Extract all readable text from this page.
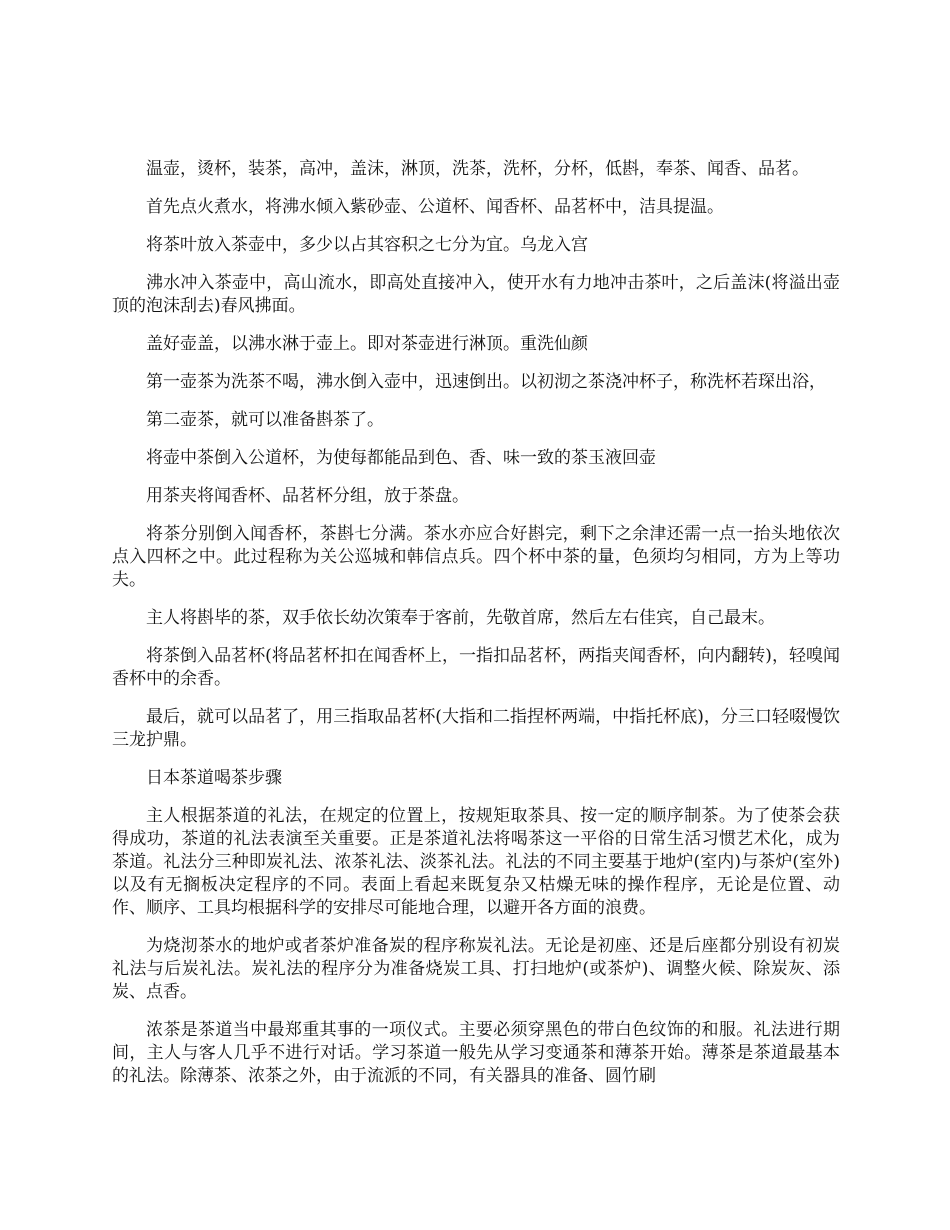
温壶，烫杯，装茶，高冲，盖沫，淋顶，洗茶，洗杯，分杯，低斟，奉茶、闻香、品茗。

首先点火煮水，将沸水倾入紫砂壶、公道杯、闻香杯、品茗杯中，洁具提温。

将茶叶放入茶壶中，多少以占其容积之七分为宜。乌龙入宫

沸水冲入茶壶中，高山流水，即高处直接冲入，使开水有力地冲击茶叶，之后盖沫(将溢出壶顶的泡沫刮去)春风拂面。

盖好壶盖，以沸水淋于壶上。即对茶壶进行淋顶。重洗仙颜

第一壶茶为洗茶不喝，沸水倒入壶中，迅速倒出。以初沏之茶浇冲杯子，称洗杯若琛出浴，

第二壶茶，就可以准备斟茶了。

将壶中茶倒入公道杯，为使每都能品到色、香、味一致的茶玉液回壶

用茶夹将闻香杯、品茗杯分组，放于茶盘。

将茶分别倒入闻香杯，茶斟七分满。茶水亦应合好斟完，剩下之余津还需一点一抬头地依次点入四杯之中。此过程称为关公巡城和韩信点兵。四个杯中茶的量，色须均匀相同，方为上等功夫。

主人将斟毕的茶，双手依长幼次策奉于客前，先敬首席，然后左右佳宾，自己最末。

将茶倒入品茗杯(将品茗杯扣在闻香杯上，一指扣品茗杯，两指夹闻香杯，向内翻转)，轻嗅闻香杯中的余香。

最后，就可以品茗了，用三指取品茗杯(大指和二指捏杯两端，中指托杯底)，分三口轻啜慢饮三龙护鼎。

日本茶道喝茶步骤

主人根据茶道的礼法，在规定的位置上，按规矩取茶具、按一定的顺序制茶。为了使茶会获得成功，茶道的礼法表演至关重要。正是茶道礼法将喝茶这一平俗的日常生活习惯艺术化，成为茶道。礼法分三种即炭礼法、浓茶礼法、淡茶礼法。礼法的不同主要基于地炉(室内)与茶炉(室外)以及有无搁板决定程序的不同。表面上看起来既复杂又枯燥无味的操作程序，无论是位置、动作、顺序、工具均根据科学的安排尽可能地合理，以避开各方面的浪费。

为烧沏茶水的地炉或者茶炉准备炭的程序称炭礼法。无论是初座、还是后座都分别设有初炭礼法与后炭礼法。炭礼法的程序分为准备烧炭工具、打扫地炉(或茶炉)、调整火候、除炭灰、添炭、点香。

浓茶是茶道当中最郑重其事的一项仪式。主要必须穿黑色的带白色纹饰的和服。礼法进行期间，主人与客人几乎不进行对话。学习茶道一般先从学习变通茶和薄茶开始。薄茶是茶道最基本的礼法。除薄茶、浓茶之外，由于流派的不同，有关器具的准备、圆竹刷
